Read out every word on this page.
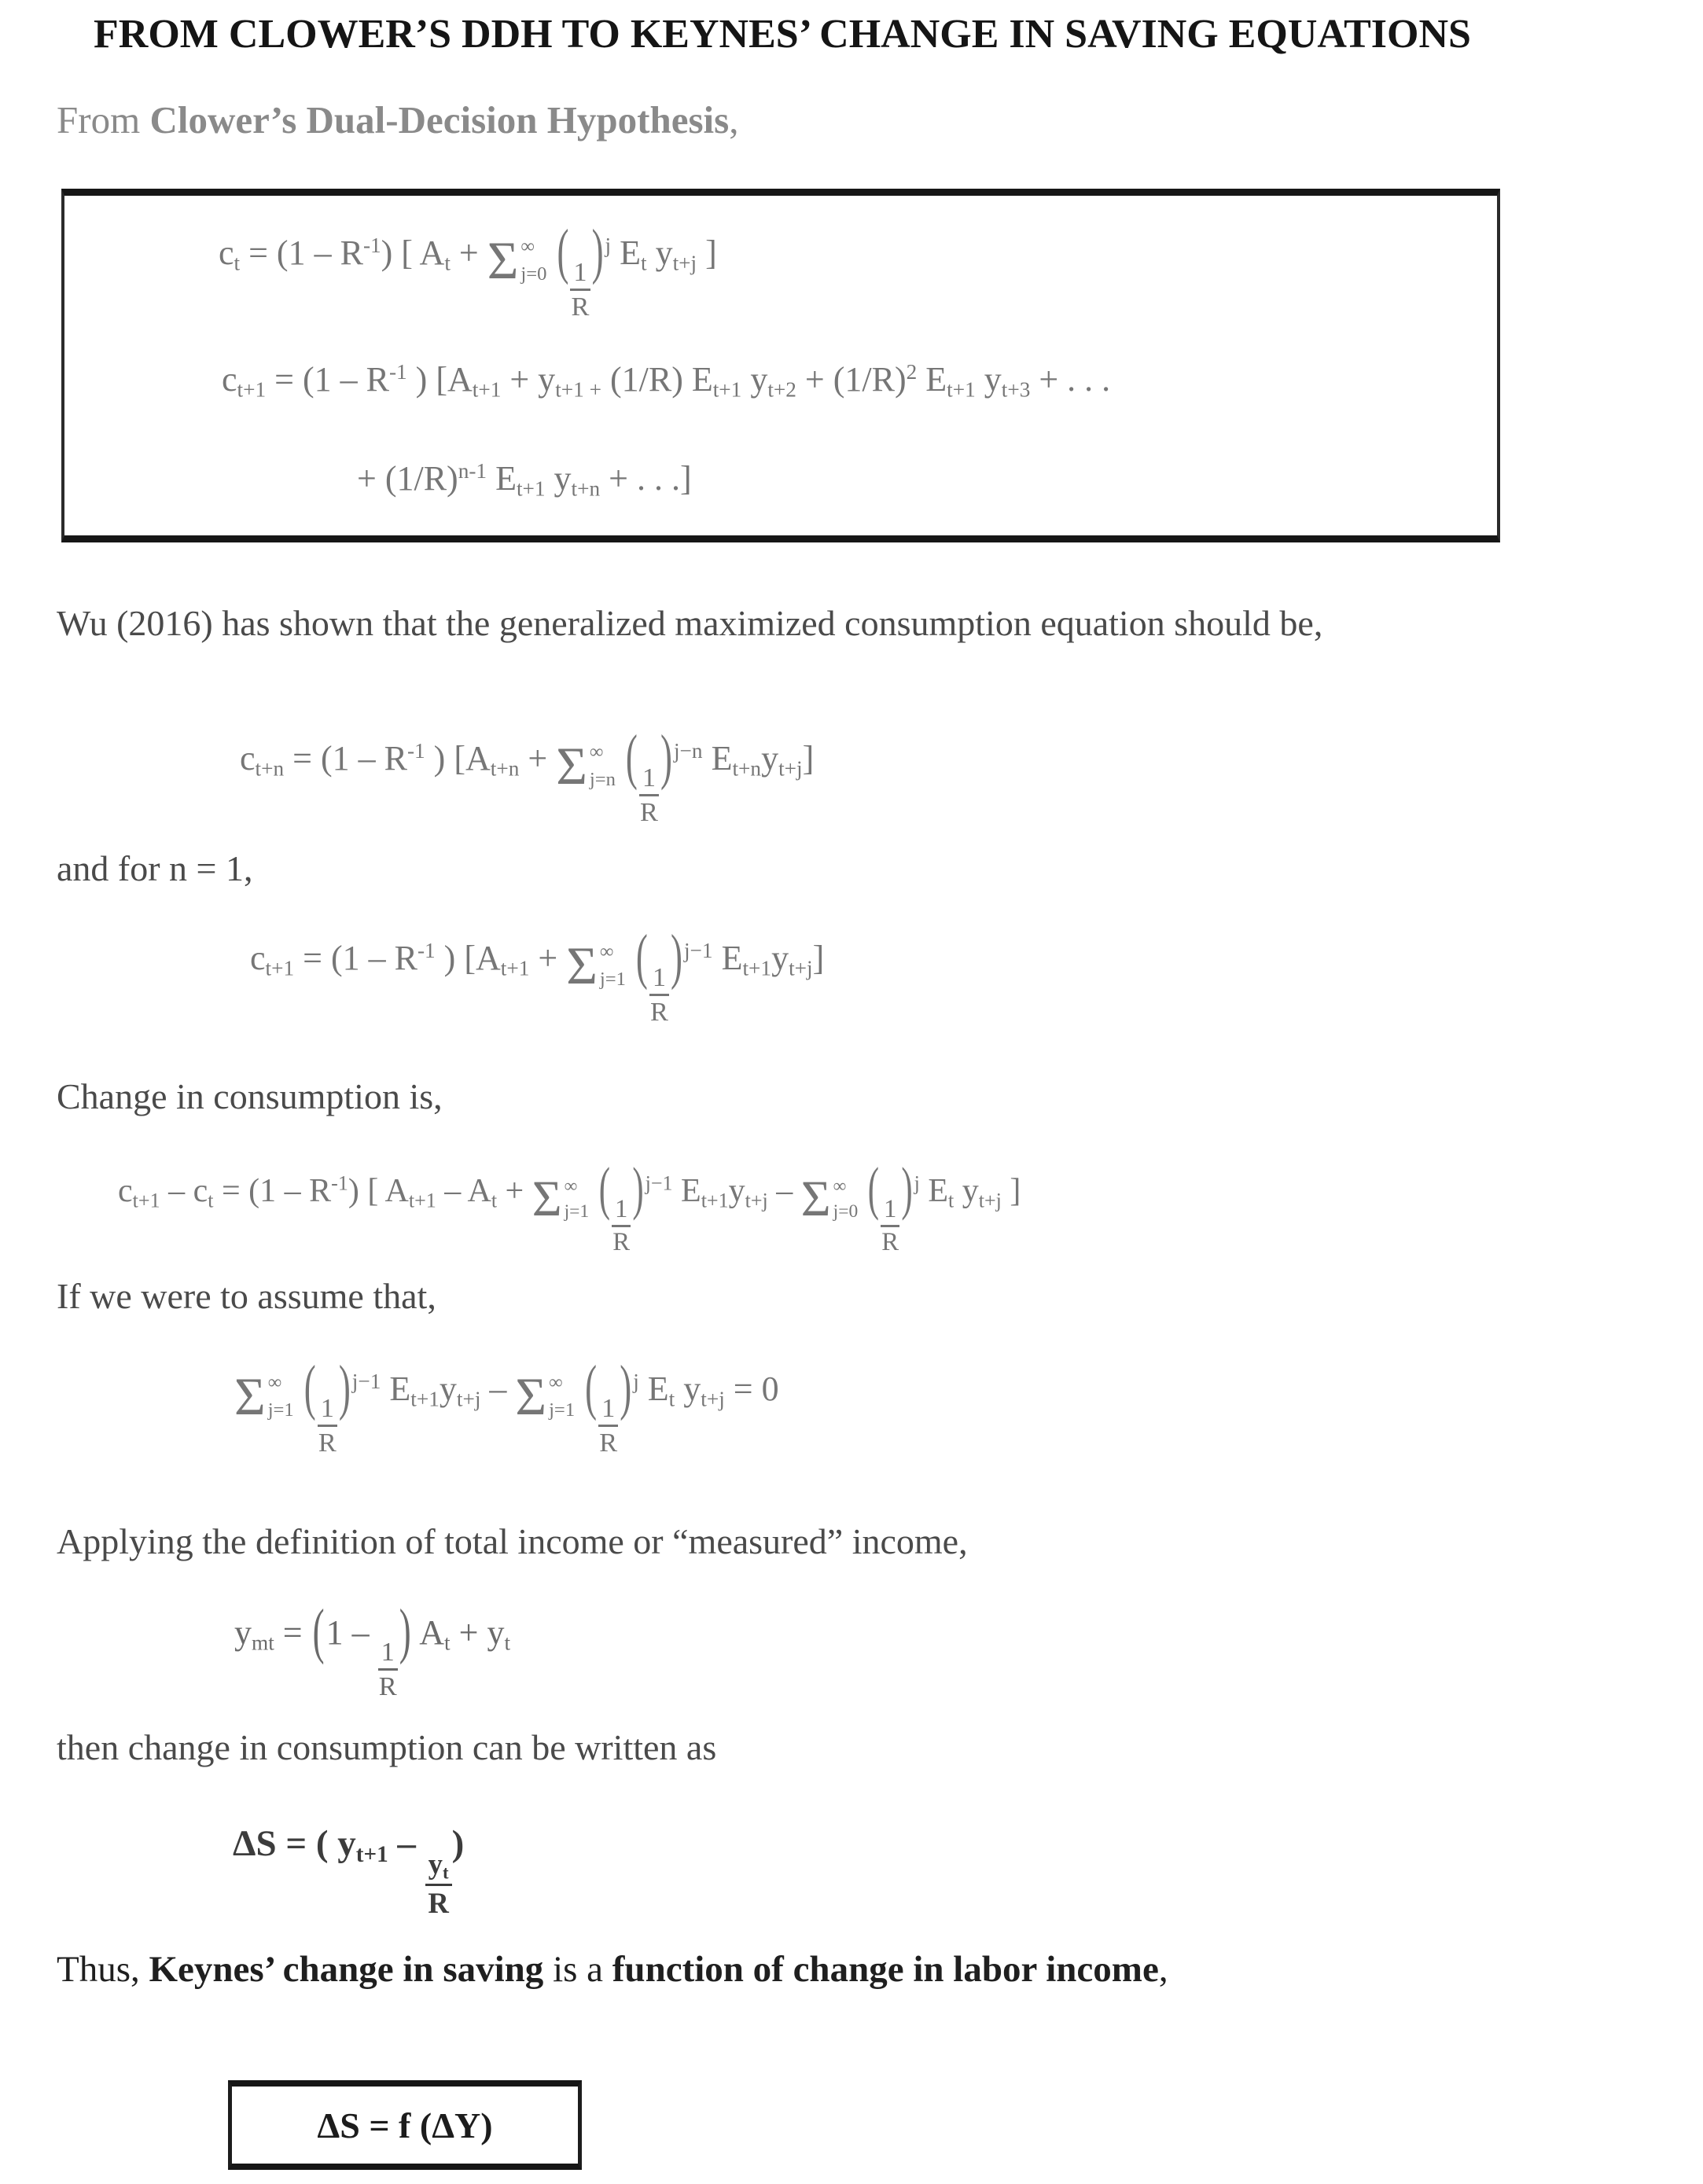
FROM CLOWER’S DDH TO KEYNES’ CHANGE IN SAVING EQUATIONS
From Clower’s Dual-Decision Hypothesis,
$c_t = (1 - R^{-1})$ [ $A_t + \Sigma$ ∞
j=0 (
$\frac{1}{R}$
)$^j$ $E_t$ $y_{t+j}$ ]
$c_{t+1} = (1 - R^{-1}$ ) [$A_{t+1} + y_{t+1 +}$ (1/R) $E_{t+1}$ $y_{t+2} + (1/R)^2$ $E_{t+1}$ $y_{t+3}$ + . . .
+ $(1/R)^{n-1}$ $E_{t+1}$ $y_{t+n}$ + . . .]
Wu (2016) has shown that the generalized maximized consumption equation should be,
$c_{t+n} = (1 - R^{-1}$ ) [$A_{t+n} + \Sigma$ ∞
j=n (
$\frac{1}{R}$
)$^{j-n}$ $E_{t+n}y_{t+j}$]
and for n = 1,
$c_{t+1} = (1 - R^{-1}$ ) [$A_{t+1} + \Sigma$ ∞
j=1 (
$\frac{1}{R}$
)$^{j-1}$ $E_{t+1}y_{t+j}$]
Change in consumption is,
$c_{t+1} - c_t = (1 - R^{-1})$ [ $A_{t+1} - A_t + \Sigma$ ∞
j=1 (
$\frac{1}{R}$
)$^{j-1}$ $E_{t+1}y_{t+j}$ – Σ ∞
j=0 (
$\frac{1}{R}$
)$^j$ $E_t$ $y_{t+j}$ ]
If we were to assume that,
Σ ∞
j=1 (
$\frac{1}{R}$
)$^{j-1}$ $E_{t+1}y_{t+j}$ – Σ ∞
j=1 (
$\frac{1}{R}$
)$^j$ $E_t$ $y_{t+j} = 0$
Applying the definition of total income or “measured” income,
$y_{mt} = (1$ –
$\frac{1}{R}$
) $A_t + y_t$
then change in consumption can be written as
ΔS = ( $y_{t+1}$ –
$\frac{y_t}{R}$
)
Thus, Keynes’ change in saving is a function of change in labor income,
ΔS = f (ΔY)
